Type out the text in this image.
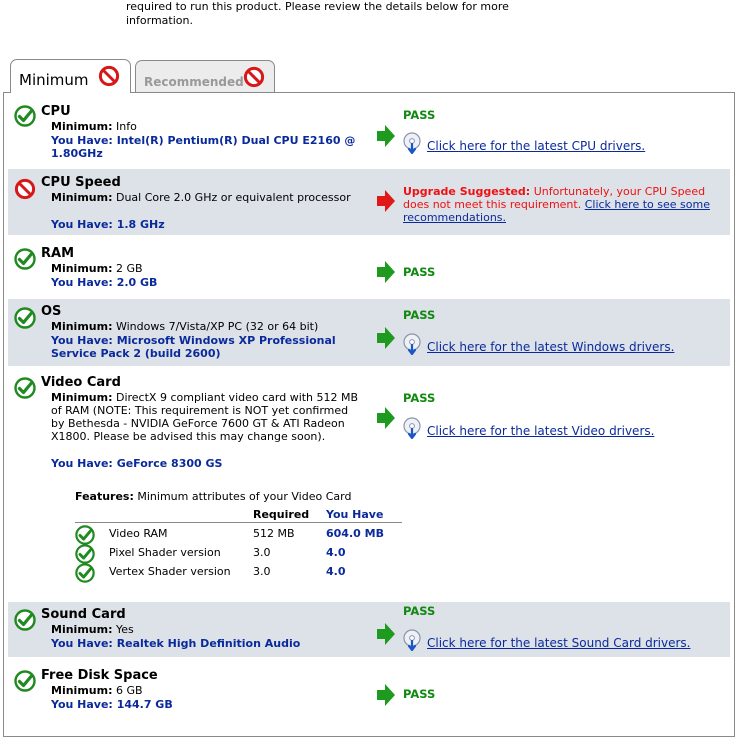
required to run this product. Please review the details below for more information.
Minimum	Recommended
CPU
Minimum: Info
You Have: Intel(R) Pentium(R) Dual CPU E2160 @ 1.80GHz
PASS
Click here for the latest CPU drivers.
CPU Speed
Minimum: Dual Core 2.0 GHz or equivalent processor
You Have: 1.8 GHz
Upgrade Suggested: Unfortunately, your CPU Speed does not meet this requirement. Click here to see some recommendations.
RAM
Minimum: 2 GB
You Have: 2.0 GB
PASS
OS
Minimum: Windows 7/Vista/XP PC (32 or 64 bit)
You Have: Microsoft Windows XP Professional Service Pack 2 (build 2600)
PASS
Click here for the latest Windows drivers.
Video Card
Minimum: DirectX 9 compliant video card with 512 MB of RAM (NOTE: This requirement is NOT yet confirmed by Bethesda - NVIDIA GeForce 7600 GT & ATI Radeon X1800. Please be advised this may change soon).
You Have: GeForce 8300 GS
PASS
Click here for the latest Video drivers.
Features: Minimum attributes of your Video Card
Required You Have
Video RAM	512 MB	604.0 MB
Pixel Shader version	3.0	4.0
Vertex Shader version 3.0	4.0
Sound Card
Minimum: Yes
You Have: Realtek High Definition Audio
PASS
Click here for the latest Sound Card drivers.
Free Disk Space
Minimum: 6 GB
You Have: 144.7 GB
PASS
